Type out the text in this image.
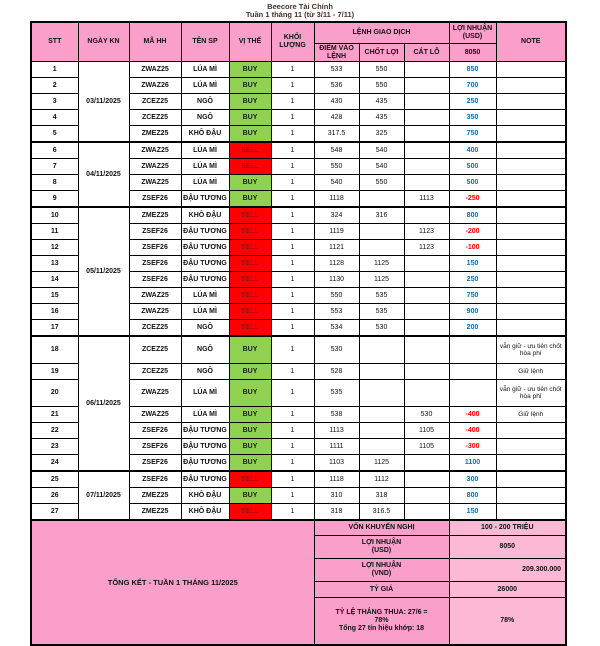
Beecore Tài Chính
Tuần 1 tháng 11 (từ 3/11 - 7/11)
STT	NGÀY KN	MÃ HH	TÊN SP	VỊ THẾ	KHỐI LƯỢNG	LỆNH GIAO DỊCH			LỢI NHUẬN (USD)	NOTE
						ĐIỂM VÀO LỆNH	CHỐT LỢI	CẮT LỖ	8050	
1	03/11/2025	ZWAZ25	LÚA MÌ	BUY	1	533	550		850	
2		ZWAZ26	LÚA MÌ	BUY	1	536	550		700	
3		ZCEZ25	NGÔ	BUY	1	430	435		250	
4		ZCEZ25	NGÔ	BUY	1	428	435		350	
5		ZMEZ25	KHÔ ĐẬU	BUY	1	317.5	325		750	
6	04/11/2025	ZWAZ25	LÚA MÌ	SELL	1	548	540		400	
7		ZWAZ25	LÚA MÌ	SELL	1	550	540		500	
8		ZWAZ25	LÚA MÌ	BUY	1	540	550		500	
9		ZSEF26	ĐẬU TƯƠNG	BUY	1	1118		1113	-250	
10	05/11/2025	ZMEZ25	KHÔ ĐẬU	SELL	1	324	316		800	
11		ZSEF26	ĐẬU TƯƠNG	SELL	1	1119		1123	-200	
12		ZSEF26	ĐẬU TƯƠNG	SELL	1	1121		1123	-100	
13		ZSEF26	ĐẬU TƯƠNG	SELL	1	1128	1125		150	
14		ZSEF26	ĐẬU TƯƠNG	SELL	1	1130	1125		250	
15		ZWAZ25	LÚA MÌ	SELL	1	550	535		750	
16		ZWAZ25	LÚA MÌ	SELL	1	553	535		900	
17		ZCEZ25	NGÔ	SELL	1	534	530		200	
18	06/11/2025	ZCEZ25	NGÔ	BUY	1	530				vẫn giữ - ưu tiên chốt hòa phí
19		ZCEZ25	NGÔ	BUY	1	528				Giữ lệnh
20		ZWAZ25	LÚA MÌ	BUY	1	535				vẫn giữ - ưu tiên chốt hòa phí
21		ZWAZ25	LÚA MÌ	BUY	1	538		530	-400	Giữ lệnh
22		ZSEF26	ĐẬU TƯƠNG	BUY	1	1113		1105	-400	
23		ZSEF26	ĐẬU TƯƠNG	BUY	1	1111		1105	-300	
24		ZSEF26	ĐẬU TƯƠNG	BUY	1	1103	1125		1100	
25	07/11/2025	ZSEF26	ĐẬU TƯƠNG	SELL	1	1118	1112		300	
26		ZMEZ25	KHÔ ĐẬU	BUY	1	310	318		800	
27		ZMEZ25	KHÔ ĐẬU	SELL	1	318	316.5		150	
TỔNG KẾT - TUẦN 1 THÁNG 11/2025						VỐN KHUYẾN NGHỊ			100 - 200 TRIỆU	

						LỢI NHUẬN
(USD)			8050	

						LỢI NHUẬN
(VND)			209.300.000	

						TỶ GIÁ			26000	

						TỶ LỆ THẮNG THUA: 27/6 =
78%
Tổng 27 tín hiệu khớp: 18			78%	
